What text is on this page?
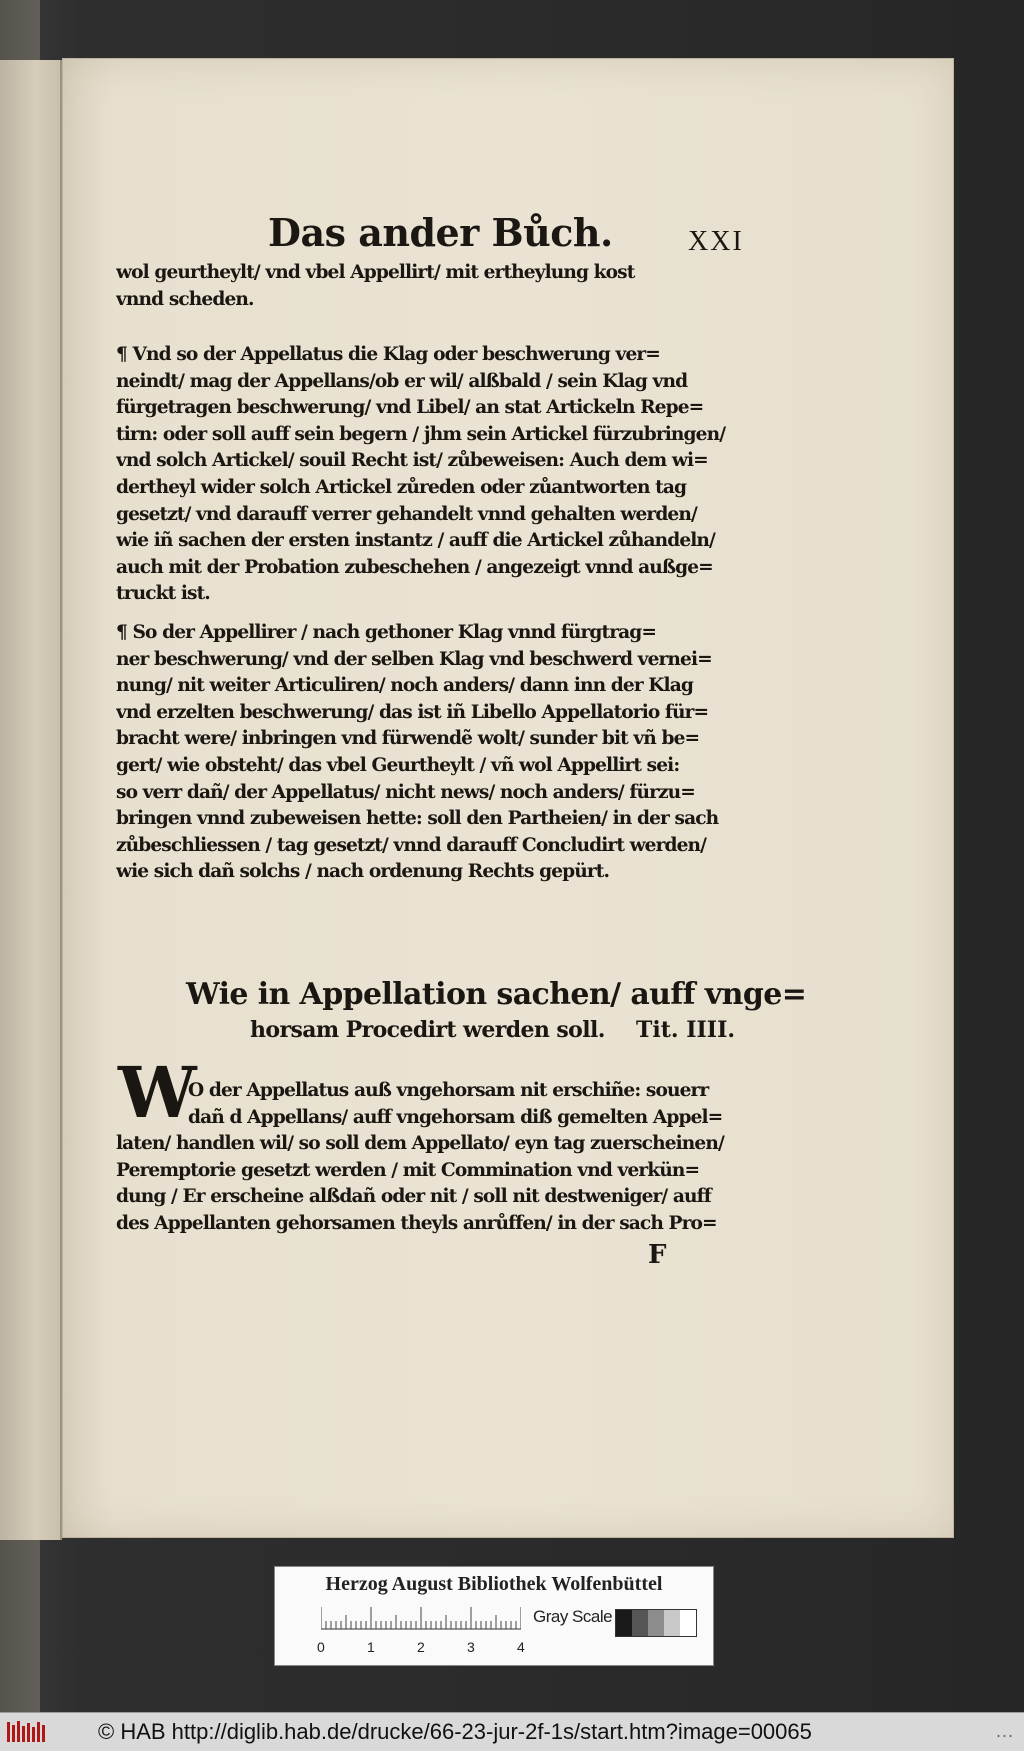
Das ander Bůch.	XXI
wol geurtheylt/ vnd vbel Appellirt/ mit ertheylung kost
vnnd scheden.
¶ Vnd so der Appellatus die Klag oder beschwerung ver=
neindt/ mag der Appellans/ob er wil/ alßbald / sein Klag vnd
fürgetragen beschwerung/ vnd Libel/ an stat Artickeln Repe=
tirn: oder soll auff sein begern / jhm sein Artickel fürzubringen/
vnd solch Artickel/ souil Recht ist/ zůbeweisen: Auch dem wi=
dertheyl wider solch Artickel zůreden oder zůantworten tag
gesetzt/ vnd darauff verrer gehandelt vnnd gehalten werden/
wie iñ sachen der ersten instantz / auff die Artickel zůhandeln/
auch mit der Probation zubeschehen / angezeigt vnnd außge=
truckt ist.
¶ So der Appellirer / nach gethoner Klag vnnd fürgtrag=
ner beschwerung/ vnd der selben Klag vnd beschwerd vernei=
nung/ nit weiter Articuliren/ noch anders/ dann inn der Klag
vnd erzelten beschwerung/ das ist iñ Libello Appellatorio für=
bracht were/ inbringen vnd fürwendẽ wolt/ sunder bit vñ be=
gert/ wie obsteht/ das vbel Geurtheylt / vñ wol Appellirt sei:
so verr dañ/ der Appellatus/ nicht news/ noch anders/ fürzu=
bringen vnnd zubeweisen hette: soll den Partheien/ in der sach
zůbeschliessen / tag gesetzt/ vnnd darauff Concludirt werden/
wie sich dañ solchs / nach ordenung Rechts gepürt.
Wie in Appellation sachen/ auff vnge=
horsam Procedirt werden soll.	Tit. IIII.
W
O der Appellatus auß vngehorsam nit erschiñe: souerr
dañ d Appellans/ auff vngehorsam diß gemelten Appel=
laten/ handlen wil/ so soll dem Appellato/ eyn tag zuerscheinen/
Peremptorie gesetzt werden / mit Commination vnd verkün=
dung / Er erscheine alßdañ oder nit / soll nit destweniger/ auff
des Appellanten gehorsamen theyls anrůffen/ in der sach Pro=
F
Herzog August Bibliothek Wolfenbüttel
0	1	2	3	4
Gray Scale
© HAB http://diglib.hab.de/drucke/66-23-jur-2f-1s/start.htm?image=00065	...
